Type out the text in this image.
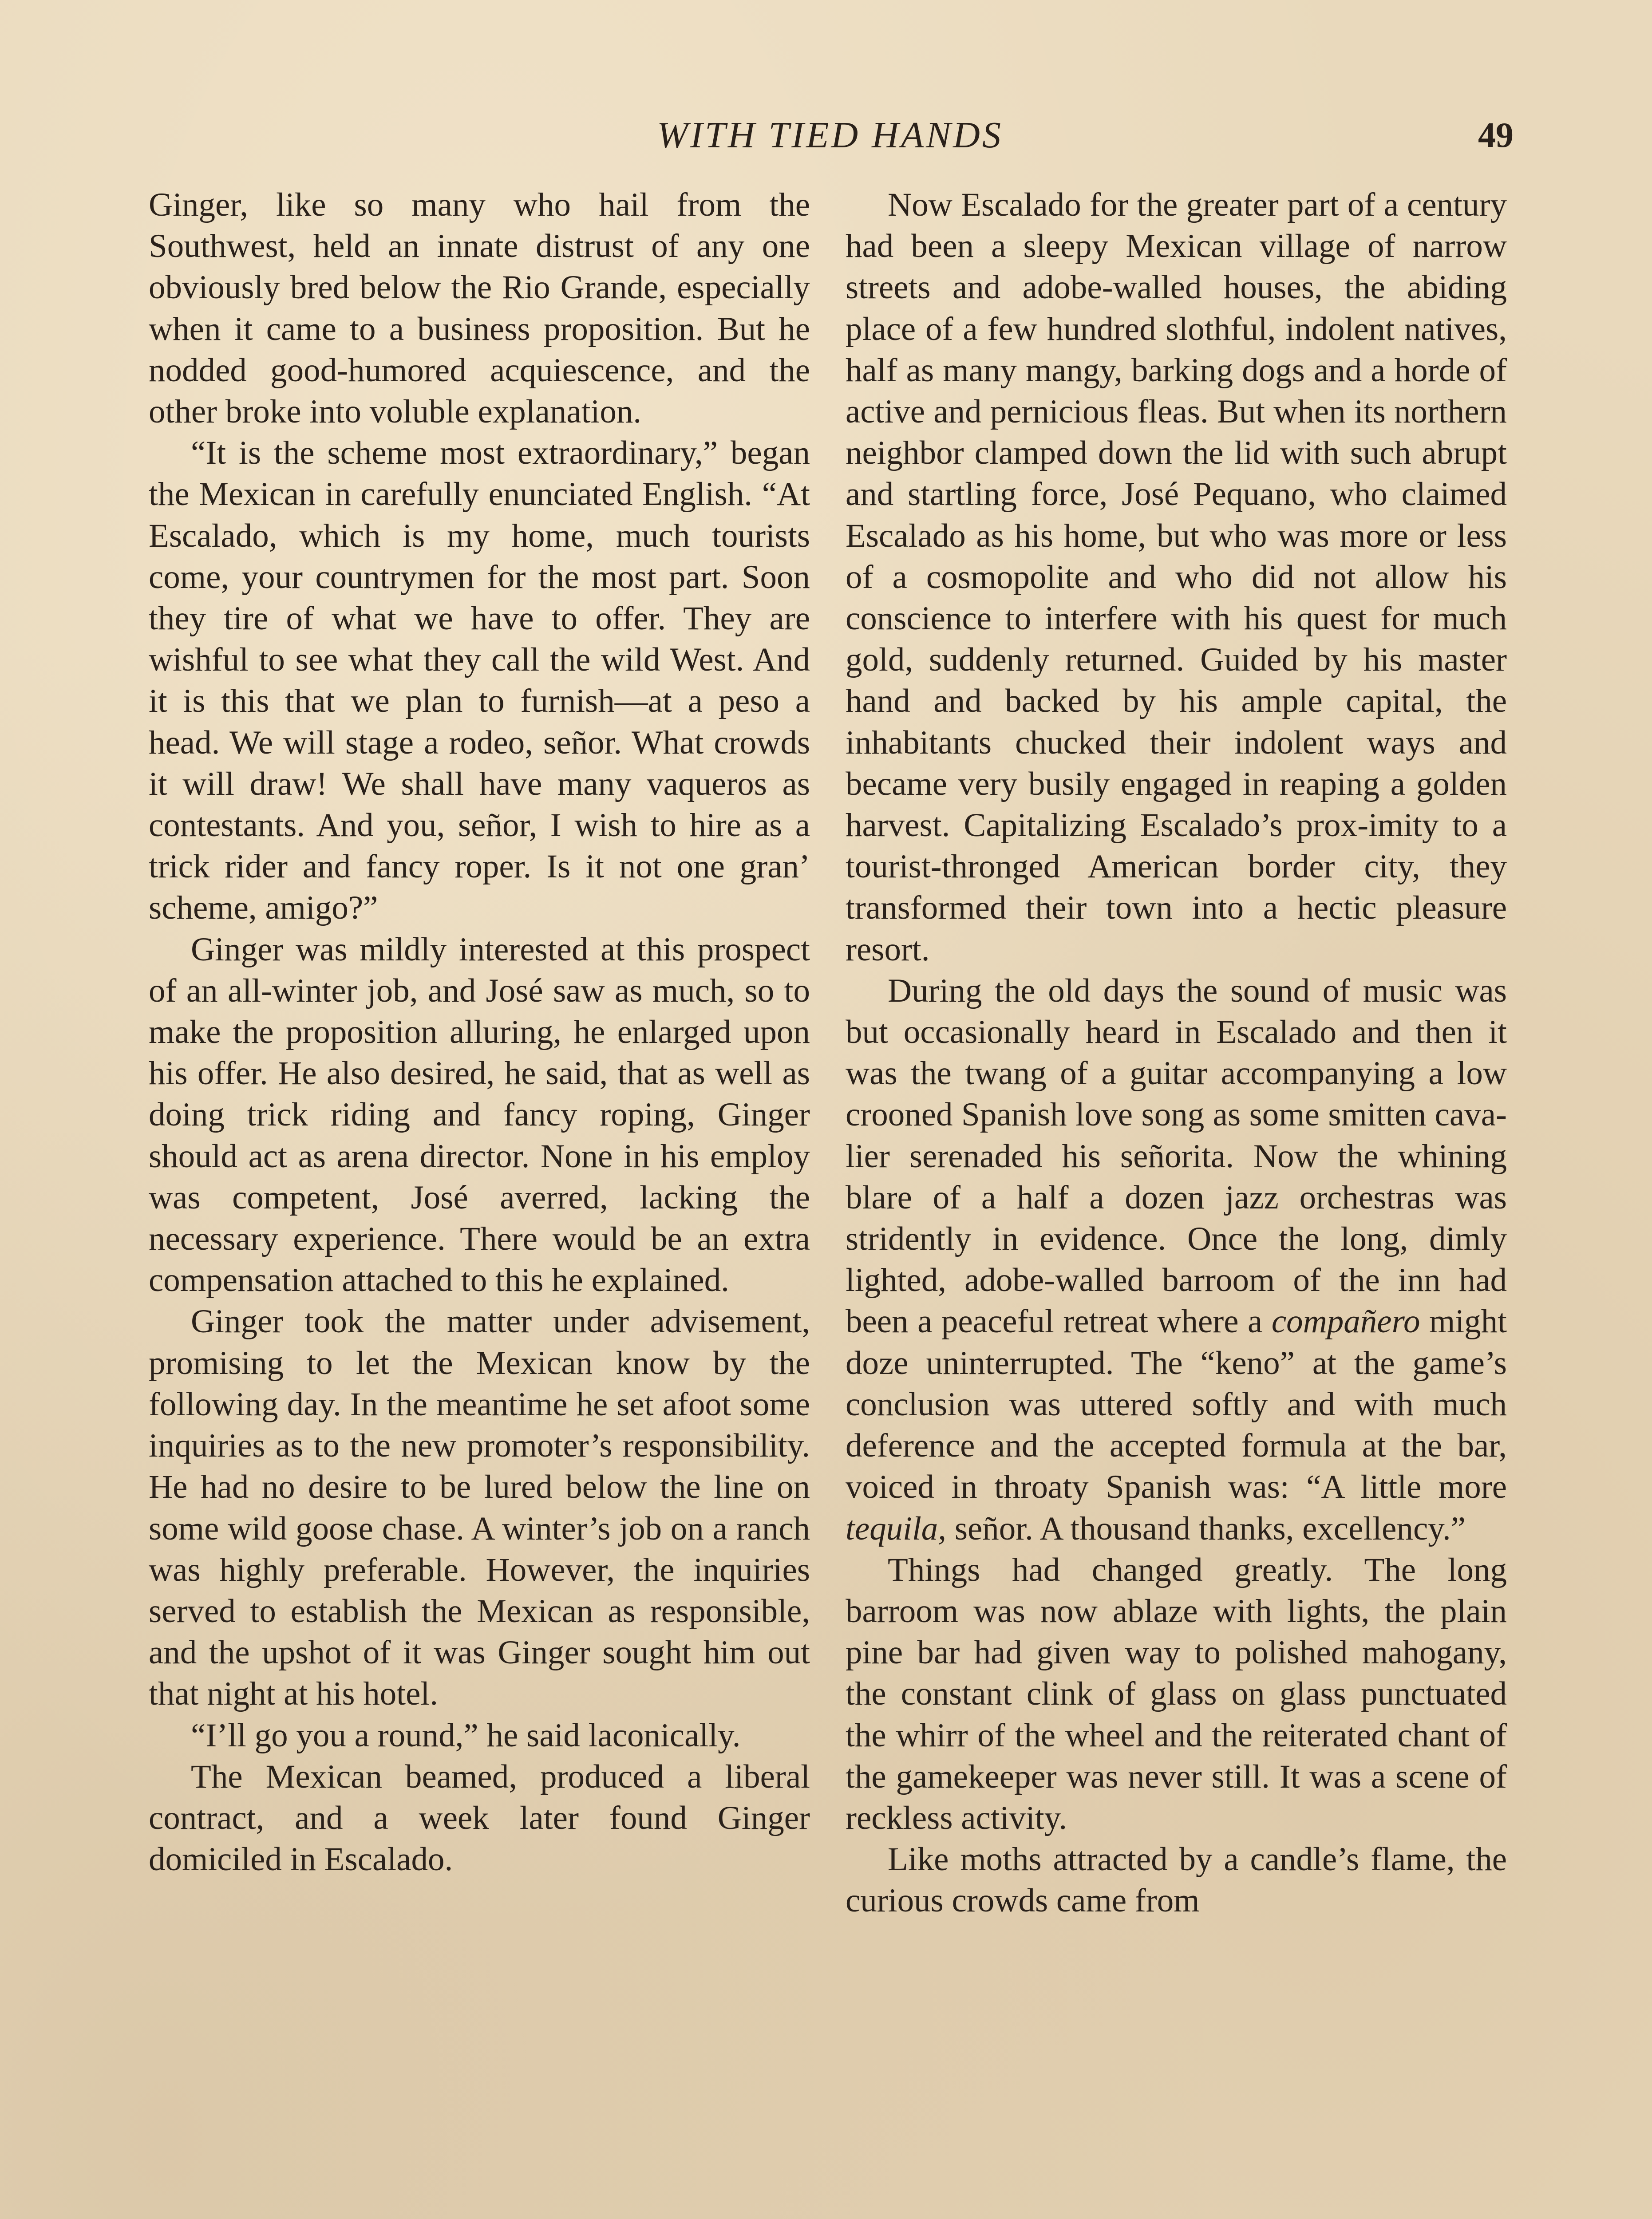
WITH TIED HANDS	49

Ginger, like so many who hail from the Southwest, held an innate distrust of any one obviously bred below the Rio Grande, especially when it came to a business proposition. But he nodded good-humored acquiescence, and the other broke into voluble explanation.

“It is the scheme most extraordinary,” began the Mexican in carefully enunciated English. “At Escalado, which is my home, much tourists come, your countrymen for the most part. Soon they tire of what we have to offer. They are wishful to see what they call the wild West. And it is this that we plan to furnish—at a peso a head. We will stage a rodeo, señor. What crowds it will draw! We shall have many vaqueros as contestants. And you, señor, I wish to hire as a trick rider and fancy roper. Is it not one gran’ scheme, amigo?”

Ginger was mildly interested at this prospect of an all-winter job, and José saw as much, so to make the proposition alluring, he enlarged upon his offer. He also desired, he said, that as well as doing trick riding and fancy roping, Ginger should act as arena director. None in his employ was competent, José averred, lacking the necessary experience. There would be an extra compensation attached to this he explained.

Ginger took the matter under advisement, promising to let the Mexican know by the following day. In the meantime he set afoot some inquiries as to the new promoter’s responsibility. He had no desire to be lured below the line on some wild goose chase. A winter’s job on a ranch was highly preferable. However, the inquiries served to establish the Mexican as responsible, and the upshot of it was Ginger sought him out that night at his hotel.

“I’ll go you a round,” he said laconically.

The Mexican beamed, produced a liberal contract, and a week later found Ginger domiciled in Escalado.

Now Escalado for the greater part of a century had been a sleepy Mexican village of narrow streets and adobe-walled houses, the abiding place of a few hundred slothful, indolent natives, half as many mangy, barking dogs and a horde of active and pernicious fleas. But when its northern neighbor clamped down the lid with such abrupt and startling force, José Pequano, who claimed Escalado as his home, but who was more or less of a cosmopolite and who did not allow his conscience to interfere with his quest for much gold, suddenly returned. Guided by his master hand and backed by his ample capital, the inhabitants chucked their indolent ways and became very busily engaged in reaping a golden harvest. Capitalizing Escalado’s prox-imity to a tourist-thronged American border city, they transformed their town into a hectic pleasure resort.

During the old days the sound of music was but occasionally heard in Escalado and then it was the twang of a guitar accompanying a low crooned Spanish love song as some smitten cavalier serenaded his señorita. Now the whining blare of a half a dozen jazz orchestras was stridently in evidence. Once the long, dimly lighted, adobe-walled barroom of the inn had been a peaceful retreat where a compañero might doze uninterrupted. The “keno” at the game’s conclusion was uttered softly and with much deference and the accepted formula at the bar, voiced in throaty Spanish was: “A little more tequila, señor. A thousand thanks, excellency.”

Things had changed greatly. The long barroom was now ablaze with lights, the plain pine bar had given way to polished mahogany, the constant clink of glass on glass punctuated the whirr of the wheel and the reiterated chant of the gamekeeper was never still. It was a scene of reckless activity.

Like moths attracted by a candle’s flame, the curious crowds came from
